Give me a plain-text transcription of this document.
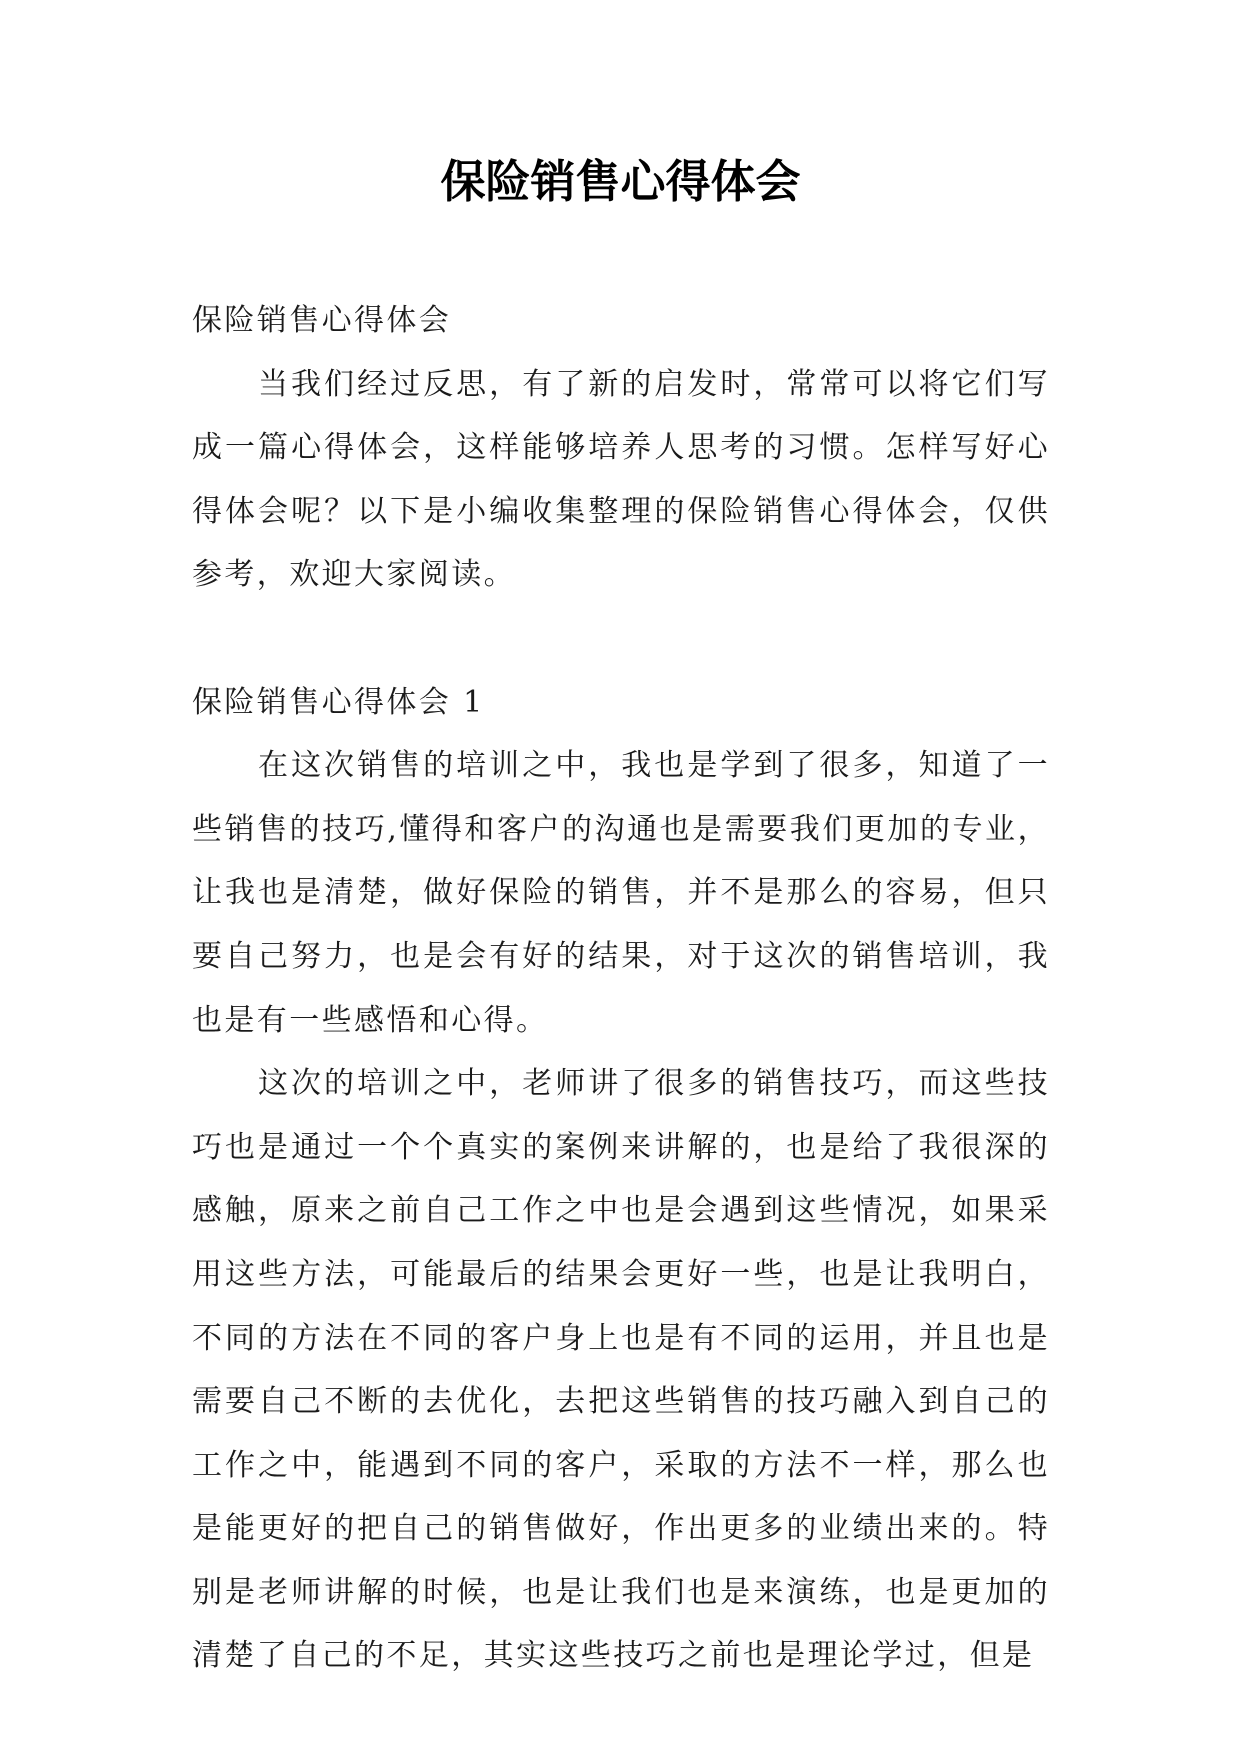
保险销售心得体会

保险销售心得体会

当我们经过反思，有了新的启发时，常常可以将它们写成一篇心得体会，这样能够培养人思考的习惯。怎样写好心得体会呢？以下是小编收集整理的保险销售心得体会，仅供参考，欢迎大家阅读。

保险销售心得体会 1

在这次销售的培训之中，我也是学到了很多，知道了一些销售的技巧,懂得和客户的沟通也是需要我们更加的专业，让我也是清楚，做好保险的销售，并不是那么的容易，但只要自己努力，也是会有好的结果，对于这次的销售培训，我也是有一些感悟和心得。

这次的培训之中，老师讲了很多的销售技巧，而这些技巧也是通过一个个真实的案例来讲解的，也是给了我很深的感触，原来之前自己工作之中也是会遇到这些情况，如果采用这些方法，可能最后的结果会更好一些，也是让我明白，不同的方法在不同的客户身上也是有不同的运用，并且也是需要自己不断的去优化，去把这些销售的技巧融入到自己的工作之中，能遇到不同的客户，采取的方法不一样，那么也是能更好的把自己的销售做好，作出更多的业绩出来的。特别是老师讲解的时候，也是让我们也是来演练，也是更加的清楚了自己的不足，其实这些技巧之前也是理论学过，但是
